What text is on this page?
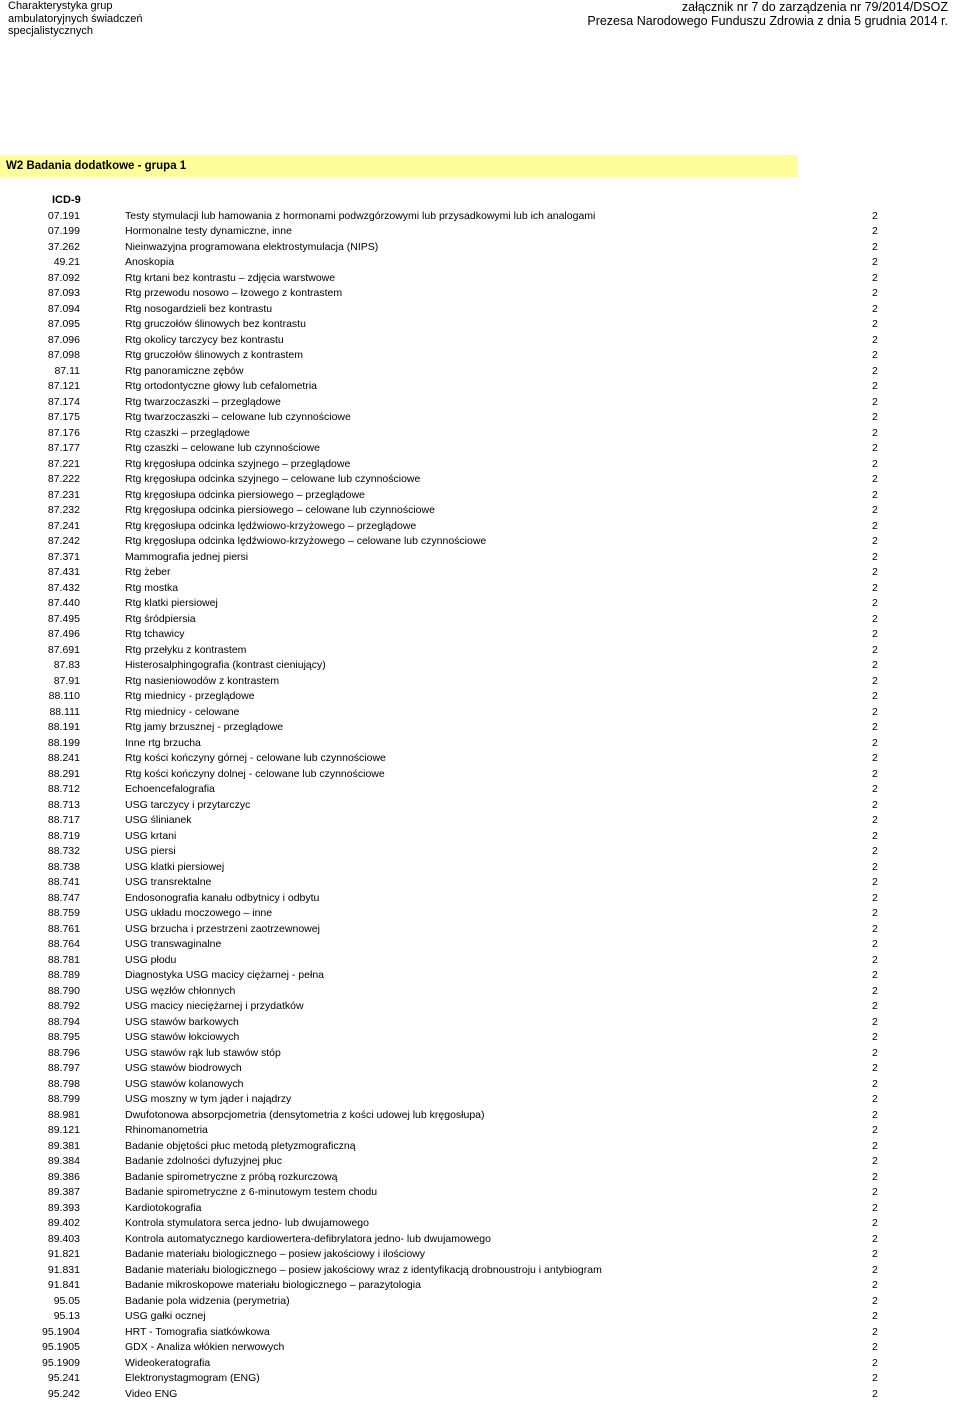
Charakterystyka grup
ambulatoryjnych świadczeń
specjalistycznych
załącznik nr 7 do zarządzenia nr 79/2014/DSOZ
Prezesa Narodowego Funduszu Zdrowia z dnia 5 grudnia 2014 r.
W2 Badania dodatkowe - grupa 1
ICD-9
07.191	Testy stymulacji lub hamowania z hormonami podwzgórzowymi lub przysadkowymi lub ich analogami	2
07.199	Hormonalne testy dynamiczne, inne	2
37.262	Nieinwazyjna programowana elektrostymulacja (NIPS)	2
49.21	Anoskopia	2
87.092	Rtg krtani bez kontrastu – zdjęcia warstwowe	2
87.093	Rtg przewodu nosowo – łzowego z kontrastem	2
87.094	Rtg nosogardzieli bez kontrastu	2
87.095	Rtg gruczołów ślinowych bez kontrastu	2
87.096	Rtg okolicy tarczycy bez kontrastu	2
87.098	Rtg gruczołów ślinowych z kontrastem	2
87.11	Rtg panoramiczne zębów	2
87.121	Rtg ortodontyczne głowy lub cefalometria	2
87.174	Rtg twarzoczaszki – przeglądowe	2
87.175	Rtg twarzoczaszki – celowane lub czynnościowe	2
87.176	Rtg czaszki – przeglądowe	2
87.177	Rtg czaszki – celowane lub czynnościowe	2
87.221	Rtg kręgosłupa odcinka szyjnego – przeglądowe	2
87.222	Rtg kręgosłupa odcinka szyjnego – celowane lub czynnościowe	2
87.231	Rtg kręgosłupa odcinka piersiowego – przeglądowe	2
87.232	Rtg kręgosłupa odcinka piersiowego – celowane lub czynnościowe	2
87.241	Rtg kręgosłupa odcinka lędźwiowo-krzyżowego – przeglądowe	2
87.242	Rtg kręgosłupa odcinka lędźwiowo-krzyżowego – celowane lub czynnościowe	2
87.371	Mammografia jednej piersi	2
87.431	Rtg żeber	2
87.432	Rtg mostka	2
87.440	Rtg klatki piersiowej	2
87.495	Rtg śródpiersia	2
87.496	Rtg tchawicy	2
87.691	Rtg przełyku z kontrastem	2
87.83	Histerosalphingografia (kontrast cieniujący)	2
87.91	Rtg nasieniowodów z kontrastem	2
88.110	Rtg miednicy - przeglądowe	2
88.111	Rtg miednicy - celowane	2
88.191	Rtg jamy brzusznej - przeglądowe	2
88.199	Inne rtg brzucha	2
88.241	Rtg kości kończyny górnej - celowane lub czynnościowe	2
88.291	Rtg kości kończyny dolnej - celowane lub czynnościowe	2
88.712	Echoencefalografia	2
88.713	USG tarczycy i przytarczyc	2
88.717	USG ślinianek	2
88.719	USG krtani	2
88.732	USG piersi	2
88.738	USG klatki piersiowej	2
88.741	USG transrektalne	2
88.747	Endosonografia kanału odbytnicy i odbytu	2
88.759	USG układu moczowego – inne	2
88.761	USG brzucha i przestrzeni zaotrzewnowej	2
88.764	USG transwaginalne	2
88.781	USG płodu	2
88.789	Diagnostyka USG macicy ciężarnej - pełna	2
88.790	USG węzłów chłonnych	2
88.792	USG macicy nieciężarnej i przydatków	2
88.794	USG stawów barkowych	2
88.795	USG stawów łokciowych	2
88.796	USG stawów rąk lub stawów stóp	2
88.797	USG stawów biodrowych	2
88.798	USG stawów kolanowych	2
88.799	USG moszny w tym jąder i najądrzy	2
88.981	Dwufotonowa absorpcjometria (densytometria z kości udowej lub kręgosłupa)	2
89.121	Rhinomanometria	2
89.381	Badanie objętości płuc metodą pletyzmograficzną	2
89.384	Badanie zdolności dyfuzyjnej płuc	2
89.386	Badanie spirometryczne z próbą rozkurczową	2
89.387	Badanie spirometryczne z 6-minutowym testem chodu	2
89.393	Kardiotokografia	2
89.402	Kontrola stymulatora serca jedno- lub dwujamowego	2
89.403	Kontrola automatycznego kardiowertera-defibrylatora jedno- lub dwujamowego	2
91.821	Badanie materiału biologicznego – posiew jakościowy i ilościowy	2
91.831	Badanie materiału biologicznego – posiew jakościowy wraz z identyfikacją drobnoustroju i antybiogram	2
91.841	Badanie mikroskopowe materiału biologicznego – parazytologia	2
95.05	Badanie pola widzenia (perymetria)	2
95.13	USG gałki ocznej	2
95.1904	HRT - Tomografia siatkówkowa	2
95.1905	GDX - Analiza włókien nerwowych	2
95.1909	Wideokeratografia	2
95.241	Elektronystagmogram (ENG)	2
95.242	Video ENG	2
